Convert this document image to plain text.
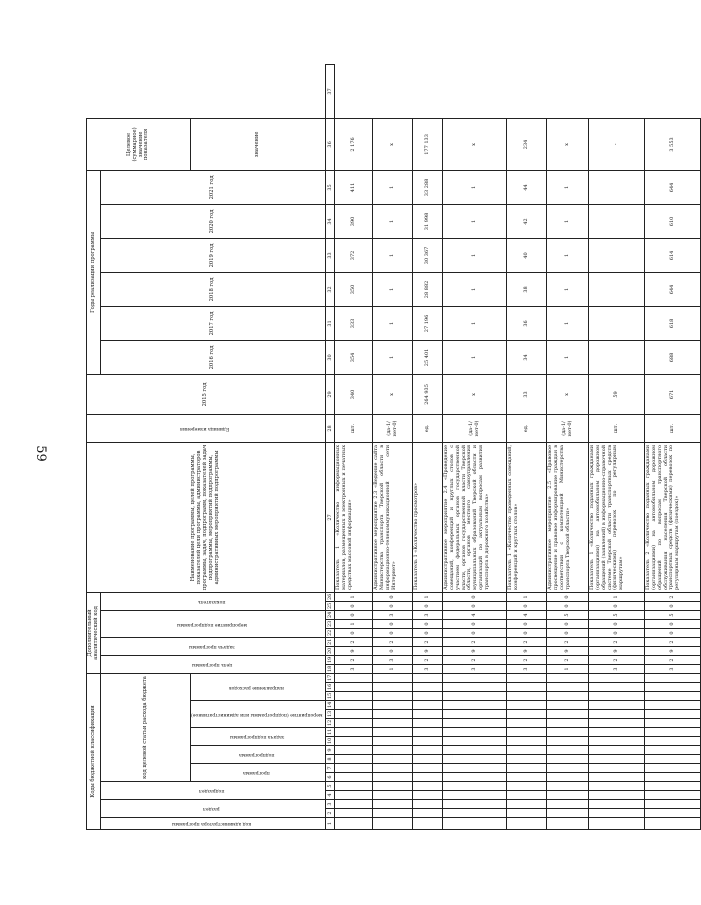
59
Коды бюджетной классификации																	Дополнительный аналитический код									Наименование программы, целей программы, показателей цели программы, администраторов программы, задач, подпрограмм, показателей задач подпрограммы, мероприятий подпрограммы, административных мероприятий подпрограммы	Единица измерения	2015 год	Годы реализации программы						Целевое (суммарное) значение показателя	
код администратора программы	раздел		подраздел		код целевой статьи расхода бюджета												цель программы		задача программы		мероприятие подпрограммы			показатель					2016 год	2017 год	2018 год	2019 год	2020 год	2021 год		
					программа		подпрограмма		задача подпрограммы		мероприятие (подпрограммы или административное)			направление расходов																					значение	
1	2	3	4	5	6	7	8	9	10	11	12	13	14	15	16	17	18	19	20	21	22	23	24	25	26	27	28	29	30	31	32	33	34	35	36	37
																	3	2	9	2	0	1	0	0	1	Показатель 1 «Количество информационных материалов, размещенных в электронных и печатных средствах массовой информации»	шт.	340	354	333	350	372	390	411	2 176	
																	1	3	0	2	0	0	3	0	0	Административное мероприятие 2.3 «Ведение сайта Министерства транспорта Тверской области в информационно-телекоммуникационной сети Интернет»	(да-1/ нет-0)	х	1	1	1	1	1	1	х	
																	3	2	9	2	0	0	3	0	1	Показатель 1 «Количество просмотров»	ед.	264 935	25 401	27 196	28 882	30 367	31 998	33 288	177 133	
																	3	2	9	2	0	0	4	0	0	Административное мероприятие 2.4 «Проведение совещаний, конференций и круглых столов с участием федеральных органов государственной власти, органов государственной власти Тверской области, органов местного самоуправления муниципальных образований Тверской области и организаций по актуальным вопросам развития транспорта в дорожного хозяйства»	(да-1/ нет-0)	х	1	1	1	1	1	1	х	
																	3	2	9	2	0	0	4	0	1	Показатель 1 «Количество проведенных совещаний, конференций и круглых столов»	ед.	33	34	36	38	40	42	44	234	
																	1	2	9	2	0	0	5	0	0	Административное мероприятие 2.5 «Правовое просвещение и правовое информирование граждан в соответствии с компетенцией Министерства транспорта Тверской области»	(да-1/ нет-0)	х	1	1	1	1	1	1	х	
																	3	2	9	2	0	0	5	0	1	Показатель 1 «Количество поданных гражданами (организациями) на автомобильном дорожном обращений (заявлений) в информационно-справочной системе Тверской области транспортных средств (физическими) перевозок по регулярным маршрутам»	шт.	59							-	
																	3	2	9	2	0	0	5	0	2	Показатель 2 «Количество поданных гражданами (организациями) на автомобильном дорожном обращений по вопросам транспортного обслуживания населения Тверской области транспортных средств (физическими) перевозок по регулярным маршрутам (поездок)»	шт.	671	688	618	644	614	610	644	3 553	
